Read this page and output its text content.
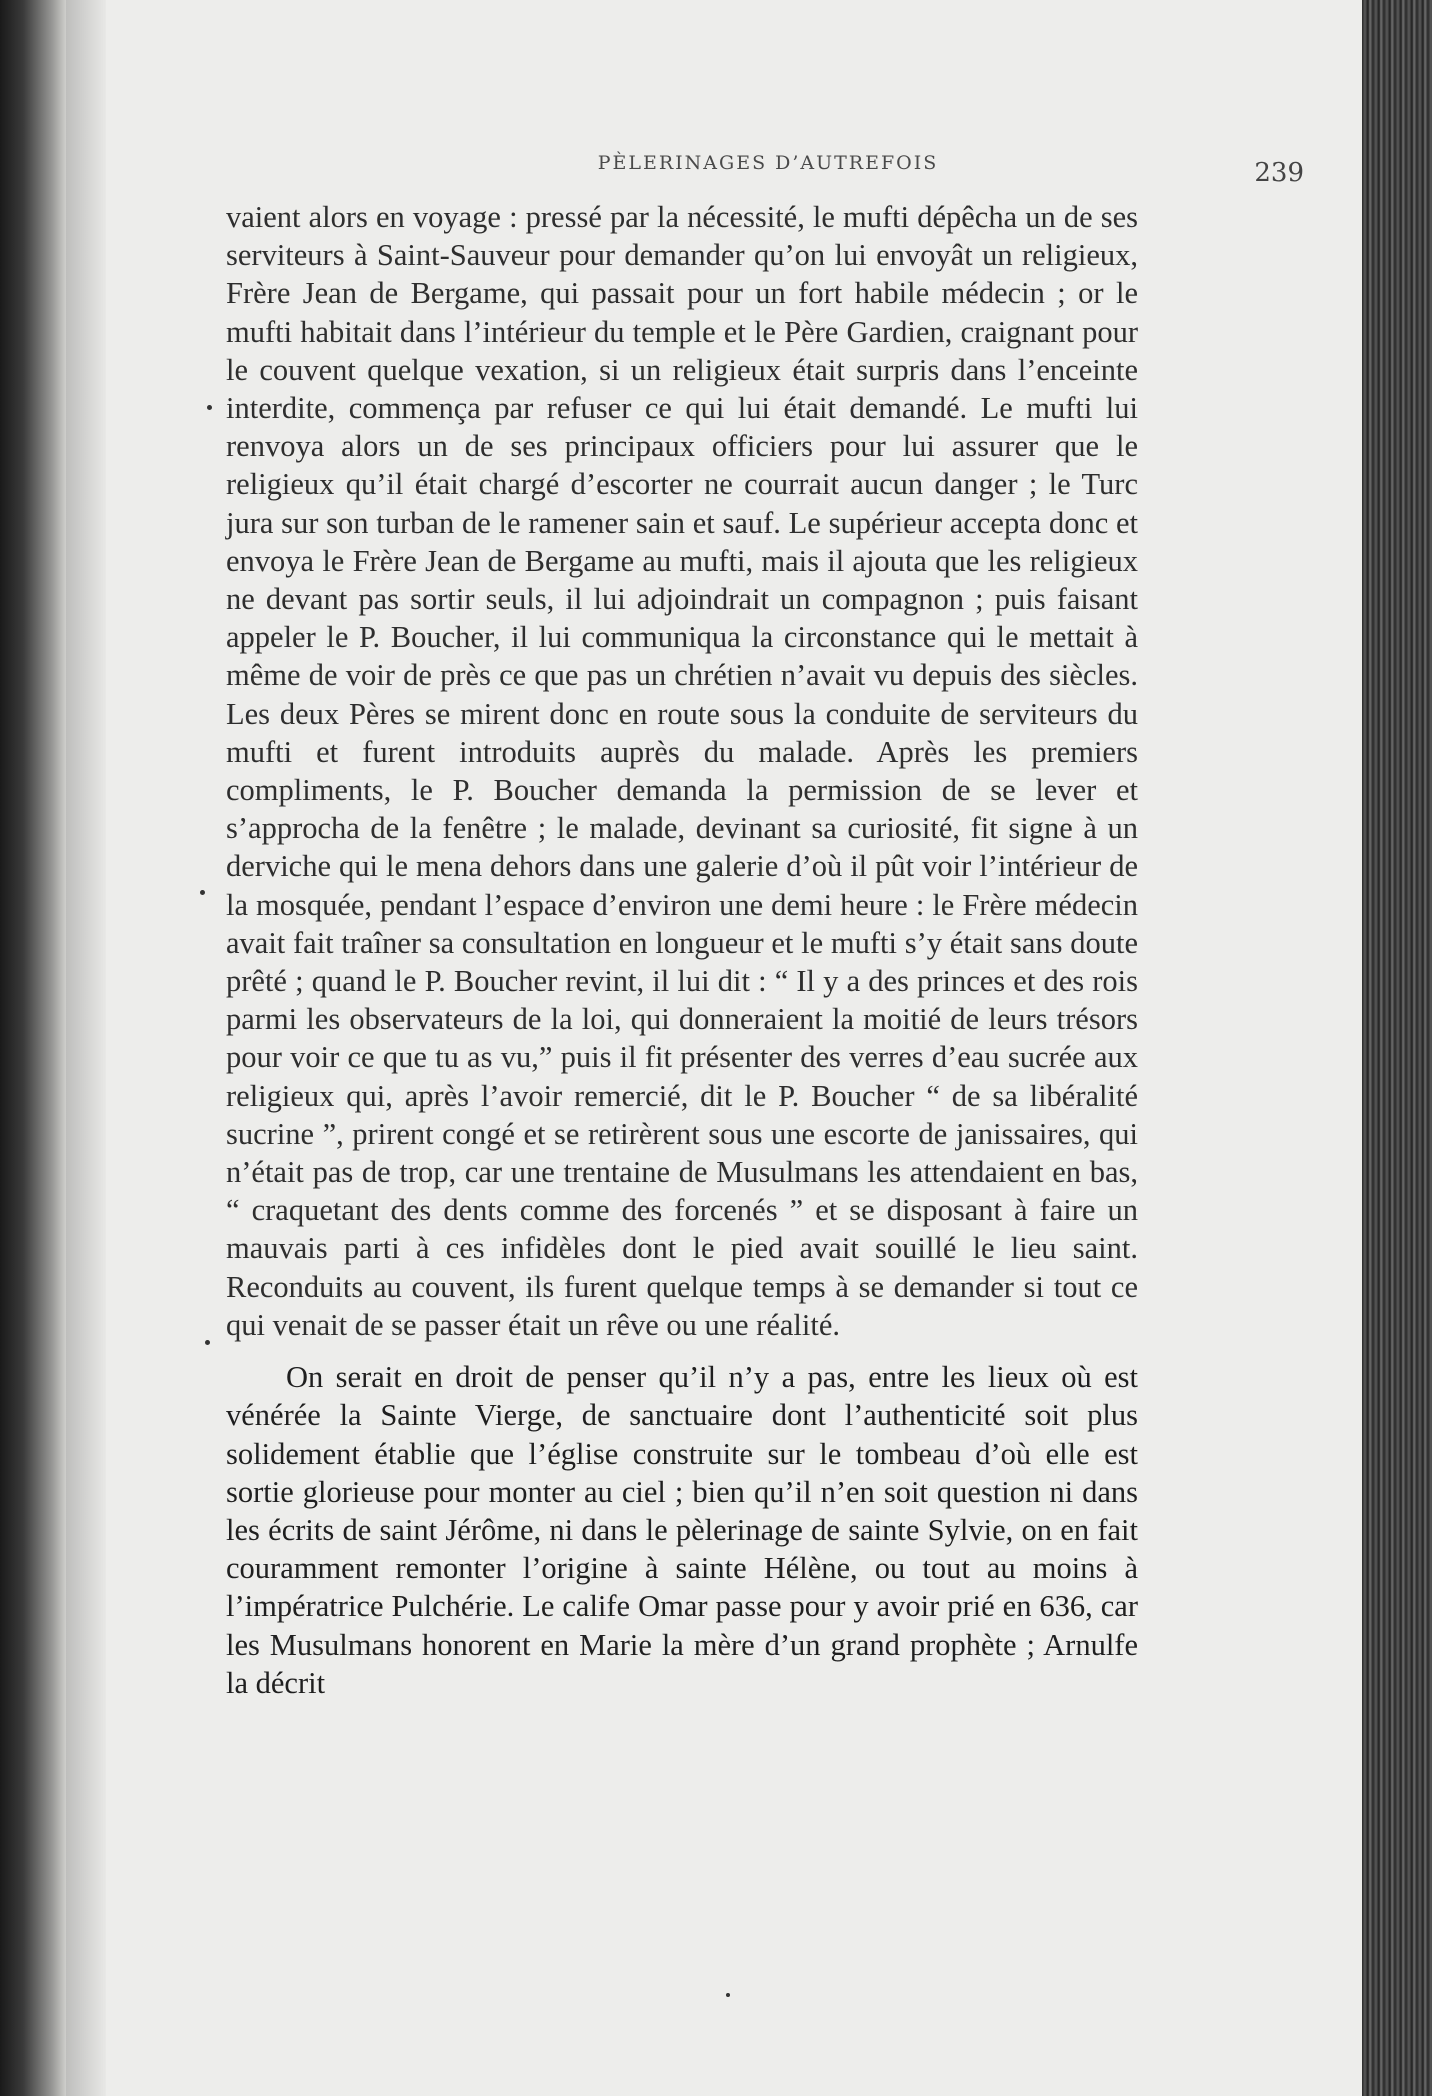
PÈLERINAGES D’AUTREFOIS	239

vaient alors en voyage : pressé par la nécessité, le mufti dépêcha un de ses serviteurs à Saint-Sauveur pour demander qu’on lui envoyât un religieux, Frère Jean de Bergame, qui passait pour un fort habile médecin ; or le mufti habitait dans l’intérieur du temple et le Père Gardien, craignant pour le couvent quelque vexation, si un religieux était surpris dans l’enceinte interdite, commença par refuser ce qui lui était demandé. Le mufti lui renvoya alors un de ses principaux officiers pour lui assurer que le religieux qu’il était chargé d’escorter ne courrait aucun danger ; le Turc jura sur son turban de le ramener sain et sauf. Le supérieur accepta donc et envoya le Frère Jean de Bergame au mufti, mais il ajouta que les religieux ne devant pas sortir seuls, il lui adjoindrait un compagnon ; puis faisant appeler le P. Boucher, il lui communiqua la circonstance qui le mettait à même de voir de près ce que pas un chrétien n’avait vu depuis des siècles. Les deux Pères se mirent donc en route sous la conduite de serviteurs du mufti et furent introduits auprès du malade. Après les premiers compliments, le P. Boucher demanda la permission de se lever et s’approcha de la fenêtre ; le malade, devinant sa curiosité, fit signe à un derviche qui le mena dehors dans une galerie d’où il pût voir l’intérieur de la mosquée, pendant l’espace d’environ une demi heure : le Frère médecin avait fait traîner sa consultation en longueur et le mufti s’y était sans doute prêté ; quand le P. Boucher revint, il lui dit : “ Il y a des princes et des rois parmi les observateurs de la loi, qui donneraient la moitié de leurs trésors pour voir ce que tu as vu,” puis il fit présenter des verres d’eau sucrée aux religieux qui, après l’avoir remercié, dit le P. Boucher “ de sa libéralité sucrine ”, prirent congé et se retirèrent sous une escorte de janissaires, qui n’était pas de trop, car une trentaine de Musulmans les attendaient en bas, “ craquetant des dents comme des forcenés ” et se disposant à faire un mauvais parti à ces infidèles dont le pied avait souillé le lieu saint. Reconduits au couvent, ils furent quelque temps à se demander si tout ce qui venait de se passer était un rêve ou une réalité.

On serait en droit de penser qu’il n’y a pas, entre les lieux où est vénérée la Sainte Vierge, de sanctuaire dont l’authenticité soit plus solidement établie que l’église construite sur le tombeau d’où elle est sortie glorieuse pour monter au ciel ; bien qu’il n’en soit question ni dans les écrits de saint Jérôme, ni dans le pèlerinage de sainte Sylvie, on en fait couramment remonter l’origine à sainte Hélène, ou tout au moins à l’impératrice Pulchérie. Le calife Omar passe pour y avoir prié en 636, car les Musulmans honorent en Marie la mère d’un grand prophète ; Arnulfe la décrit
